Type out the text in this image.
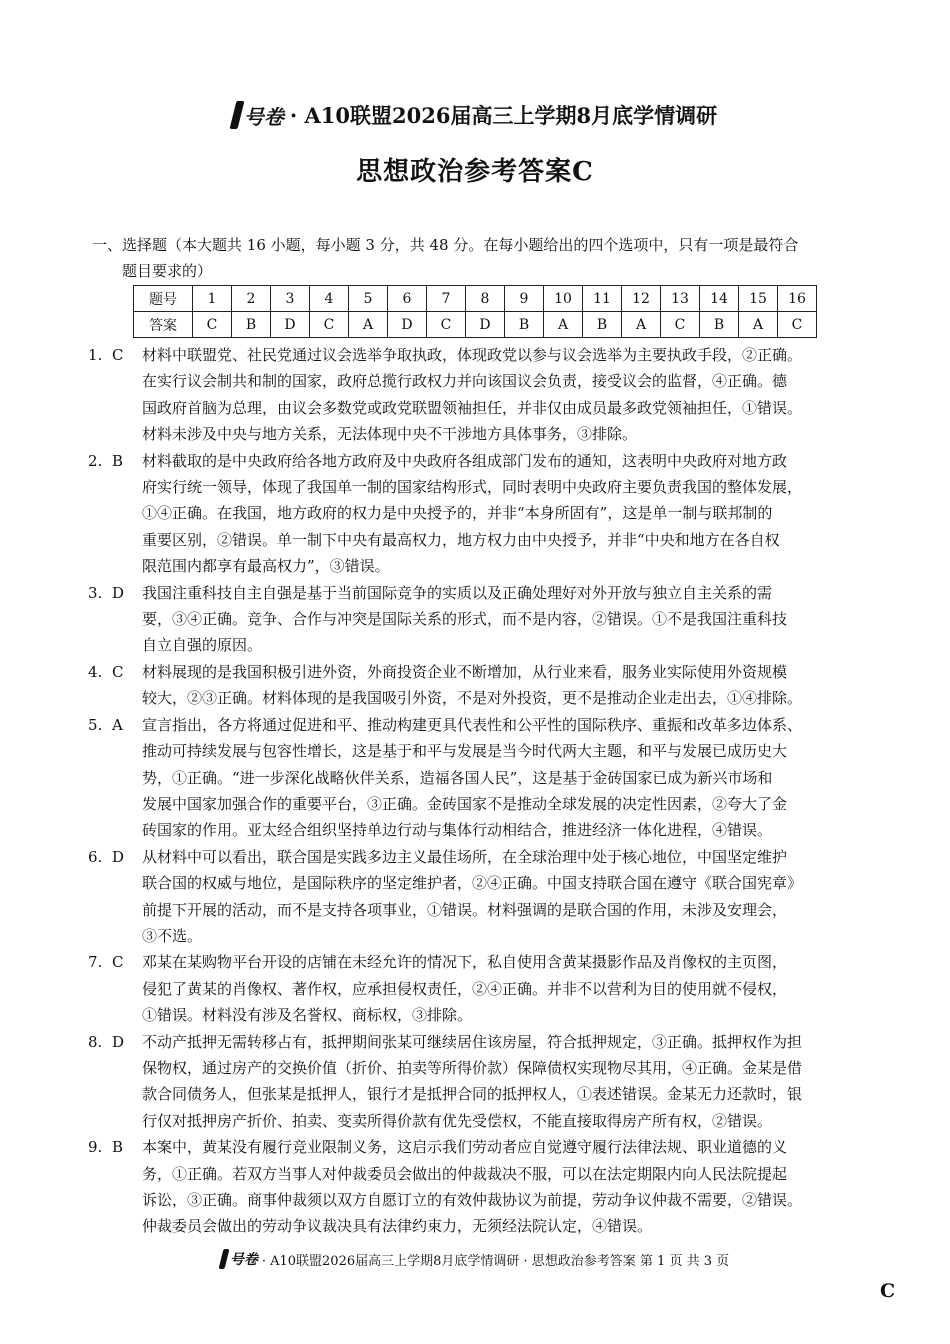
号卷 · A10联盟2026届高三上学期8月底学情调研
思想政治参考答案C
一、选择题（本大题共 16 小题，每小题 3 分，共 48 分。在每小题给出的四个选项中，只有一项是最符合
题目要求的）
题号	1	2	3	4	5	6	7	8	9	10	11	12	13	14	15	16
答案	C	B	D	C	A	D	C	D	B	A	B	A	C	B	A	C
1. C 材料中联盟党、社民党通过议会选举争取执政，体现政党以参与议会选举为主要执政手段，②正确。
在实行议会制共和制的国家，政府总揽行政权力并向该国议会负责，接受议会的监督，④正确。德
国政府首脑为总理，由议会多数党或政党联盟领袖担任，并非仅由成员最多政党领袖担任，①错误。
材料未涉及中央与地方关系，无法体现中央不干涉地方具体事务，③排除。
2. B 材料截取的是中央政府给各地方政府及中央政府各组成部门发布的通知，这表明中央政府对地方政
府实行统一领导，体现了我国单一制的国家结构形式，同时表明中央政府主要负责我国的整体发展，
①④正确。在我国，地方政府的权力是中央授予的，并非“本身所固有”，这是单一制与联邦制的
重要区别，②错误。单一制下中央有最高权力，地方权力由中央授予，并非“中央和地方在各自权
限范围内都享有最高权力”，③错误。
3. D 我国注重科技自主自强是基于当前国际竞争的实质以及正确处理好对外开放与独立自主关系的需
要，③④正确。竞争、合作与冲突是国际关系的形式，而不是内容，②错误。①不是我国注重科技
自立自强的原因。
4. C 材料展现的是我国积极引进外资，外商投资企业不断增加，从行业来看，服务业实际使用外资规模
较大，②③正确。材料体现的是我国吸引外资，不是对外投资，更不是推动企业走出去，①④排除。
5. A 宣言指出，各方将通过促进和平、推动构建更具代表性和公平性的国际秩序、重振和改革多边体系、
推动可持续发展与包容性增长，这是基于和平与发展是当今时代两大主题，和平与发展已成历史大
势，①正确。“进一步深化战略伙伴关系，造福各国人民”，这是基于金砖国家已成为新兴市场和
发展中国家加强合作的重要平台，③正确。金砖国家不是推动全球发展的决定性因素，②夸大了金
砖国家的作用。亚太经合组织坚持单边行动与集体行动相结合，推进经济一体化进程，④错误。
6. D 从材料中可以看出，联合国是实践多边主义最佳场所，在全球治理中处于核心地位，中国坚定维护
联合国的权威与地位，是国际秩序的坚定维护者，②④正确。中国支持联合国在遵守《联合国宪章》
前提下开展的活动，而不是支持各项事业，①错误。材料强调的是联合国的作用，未涉及安理会，
③不选。
7. C 邓某在某购物平台开设的店铺在未经允许的情况下，私自使用含黄某摄影作品及肖像权的主页图，
侵犯了黄某的肖像权、著作权，应承担侵权责任，②④正确。并非不以营利为目的使用就不侵权，
①错误。材料没有涉及名誉权、商标权，③排除。
8. D 不动产抵押无需转移占有，抵押期间张某可继续居住该房屋，符合抵押规定，③正确。抵押权作为担
保物权，通过房产的交换价值（折价、拍卖等所得价款）保障债权实现物尽其用，④正确。金某是借
款合同债务人，但张某是抵押人，银行才是抵押合同的抵押权人，①表述错误。金某无力还款时，银
行仅对抵押房产折价、拍卖、变卖所得价款有优先受偿权，不能直接取得房产所有权，②错误。
9. B 本案中，黄某没有履行竞业限制义务，这启示我们劳动者应自觉遵守履行法律法规、职业道德的义
务，①正确。若双方当事人对仲裁委员会做出的仲裁裁决不服，可以在法定期限内向人民法院提起
诉讼，③正确。商事仲裁须以双方自愿订立的有效仲裁协议为前提，劳动争议仲裁不需要，②错误。
仲裁委员会做出的劳动争议裁决具有法律约束力，无须经法院认定，④错误。
号卷 · A10联盟2026届高三上学期8月底学情调研 · 思想政治参考答案 第 1 页 共 3 页
C
